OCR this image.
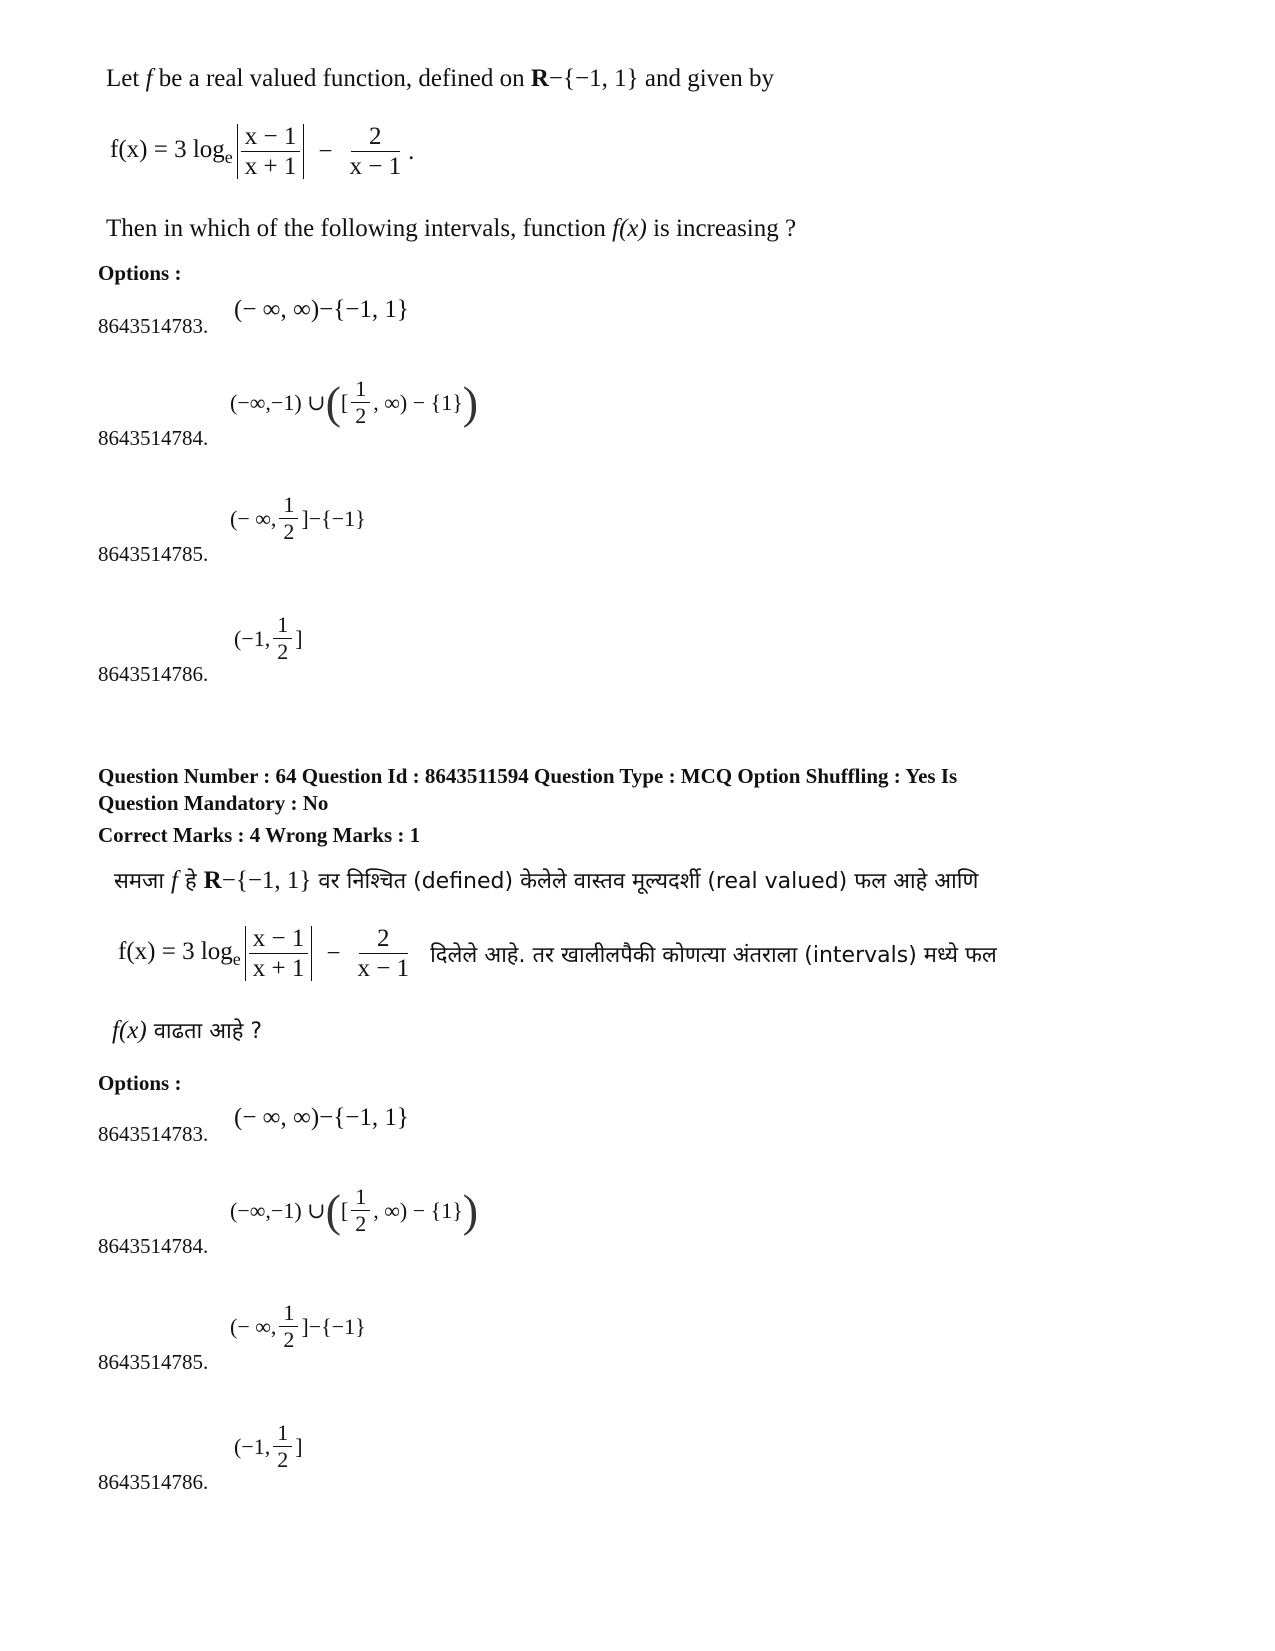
Let f be a real valued function, defined on R−{−1, 1} and given by
f(x) = 3 $\log_e \frac{x - 1}{x + 1} - \frac{2}{x - 1}$ .
Then in which of the following intervals, function f(x) is increasing ?
Options :
(− ∞, ∞)−{−1, 1}
8643514783.
(−∞,−1) ∪ ( [ $\frac{1}{2}$ , ∞) − {1} )
8643514784.
(− ∞, $\frac{1}{2} ]-\{-1\}$
8643514785.
(−1, $\frac{1}{2}$ ]
8643514786.
Question Number : 64 Question Id : 8643511594 Question Type : MCQ Option Shuffling : Yes Is
Question Mandatory : No
Correct Marks : 4 Wrong Marks : 1
समजा f हे R−{−1, 1} वर निश्चित (defined) केलेले वास्तव मूल्यदर्शी (real valued) फल आहे आणि
f(x) = 3 $\log_e \frac{x - 1}{x + 1} - \frac{2}{x - 1}$ दिलेले आहे. तर खालीलपैकी कोणत्या अंतराला (intervals) मध्ये फल
f(x) वाढता आहे ?
Options :
(− ∞, ∞)−{−1, 1}
8643514783.
(−∞,−1) ∪ ( [ $\frac{1}{2}$ , ∞) − {1} )
8643514784.
(− ∞, $\frac{1}{2} ]-\{-1\}$
8643514785.
(−1, $\frac{1}{2}$ ]
8643514786.
